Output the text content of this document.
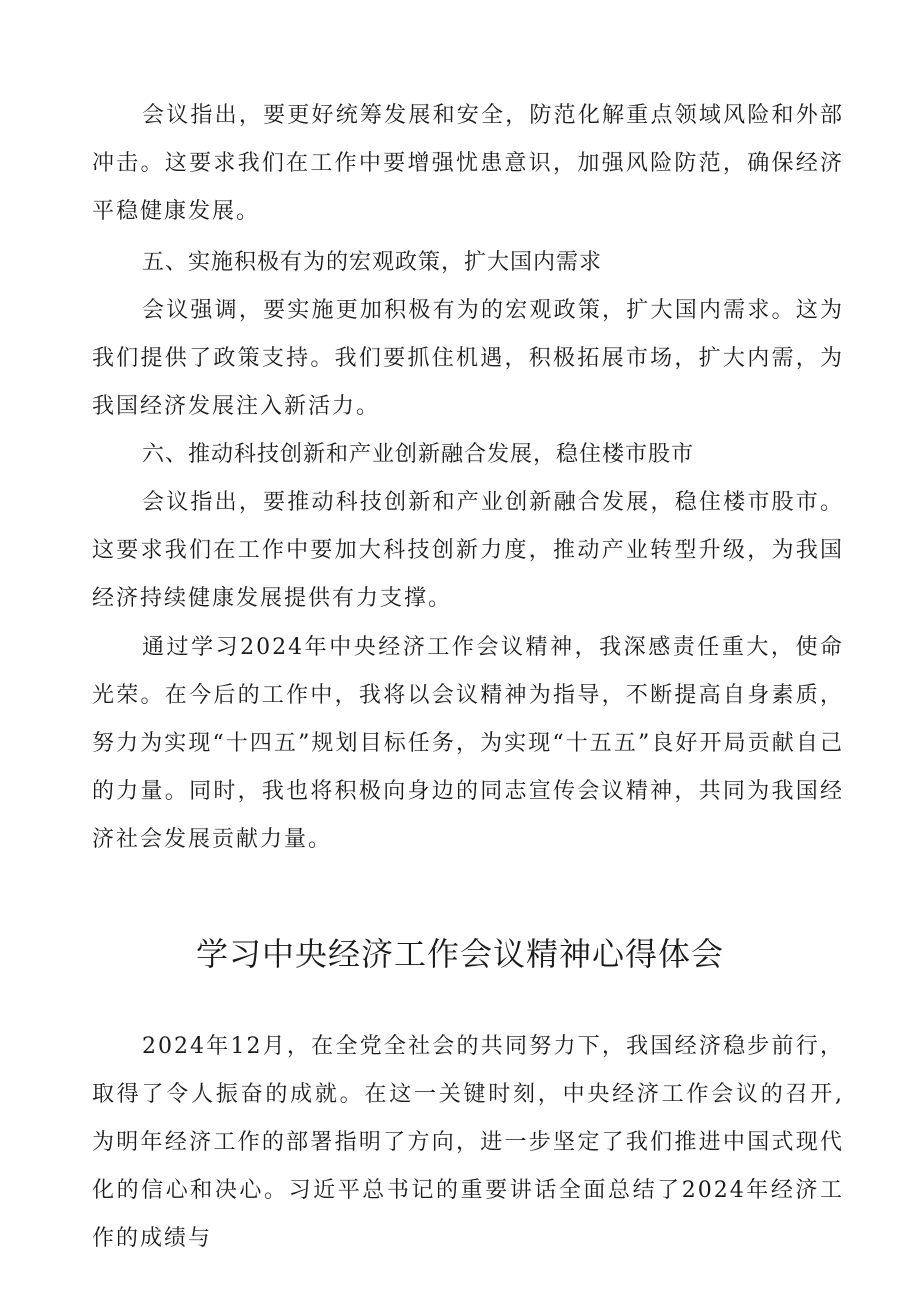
会议指出，要更好统筹发展和安全，防范化解重点领域风险和外部冲击。这要求我们在工作中要增强忧患意识，加强风险防范，确保经济平稳健康发展。

五、实施积极有为的宏观政策，扩大国内需求

会议强调，要实施更加积极有为的宏观政策，扩大国内需求。这为我们提供了政策支持。我们要抓住机遇，积极拓展市场，扩大内需，为我国经济发展注入新活力。

六、推动科技创新和产业创新融合发展，稳住楼市股市

会议指出，要推动科技创新和产业创新融合发展，稳住楼市股市。这要求我们在工作中要加大科技创新力度，推动产业转型升级，为我国经济持续健康发展提供有力支撑。

通过学习2024年中央经济工作会议精神，我深感责任重大，使命光荣。在今后的工作中，我将以会议精神为指导，不断提高自身素质，努力为实现“十四五”规划目标任务，为实现“十五五”良好开局贡献自己的力量。同时，我也将积极向身边的同志宣传会议精神，共同为我国经济社会发展贡献力量。

学习中央经济工作会议精神心得体会

2024年12月，在全党全社会的共同努力下，我国经济稳步前行，取得了令人振奋的成就。在这一关键时刻，中央经济工作会议的召开,为明年经济工作的部署指明了方向，进一步坚定了我们推进中国式现代化的信心和决心。习近平总书记的重要讲话全面总结了2024年经济工作的成绩与
